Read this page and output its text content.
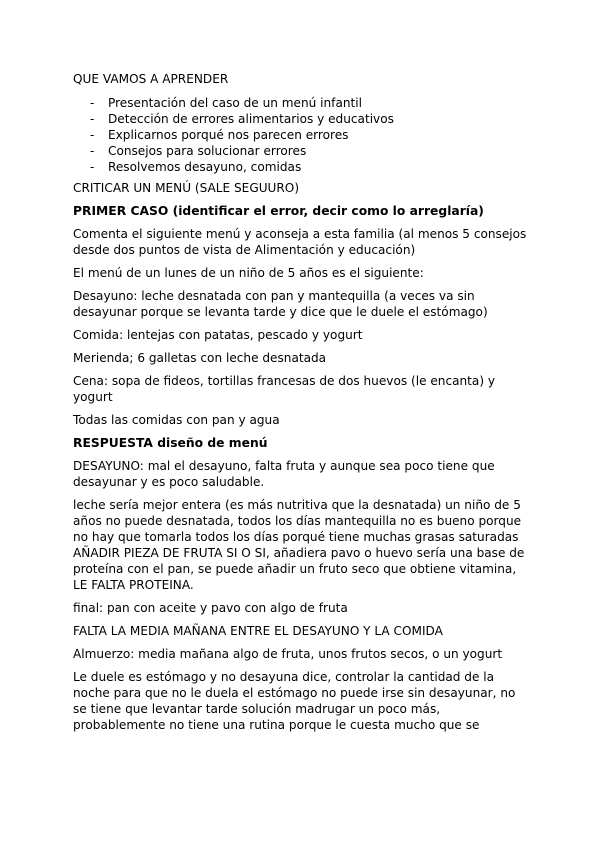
QUE VAMOS A APRENDER

- Presentación del caso de un menú infantil
- Detección de errores alimentarios y educativos
- Explicarnos porqué nos parecen errores
- Consejos para solucionar errores
- Resolvemos desayuno, comidas

CRITICAR UN MENÚ (SALE SEGUURO)

PRIMER CASO (identificar el error, decir como lo arreglaría)

Comenta el siguiente menú y aconseja a esta familia (al menos 5 consejos

desde dos puntos de vista de Alimentación y educación)

El menú de un lunes de un niño de 5 años es el siguiente:

Desayuno: leche desnatada con pan y mantequilla (a veces va sin

desayunar porque se levanta tarde y dice que le duele el estómago)

Comida: lentejas con patatas, pescado y yogurt

Merienda; 6 galletas con leche desnatada

Cena: sopa de fideos, tortillas francesas de dos huevos (le encanta) y

yogurt

Todas las comidas con pan y agua

RESPUESTA diseño de menú

DESAYUNO: mal el desayuno, falta fruta y aunque sea poco tiene que

desayunar y es poco saludable.

leche sería mejor entera (es más nutritiva que la desnatada) un niño de 5

años no puede desnatada, todos los días mantequilla no es bueno porque

no hay que tomarla todos los días porqué tiene muchas grasas saturadas

AÑADIR PIEZA DE FRUTA SI O SI, añadiera pavo o huevo sería una base de

proteína con el pan, se puede añadir un fruto seco que obtiene vitamina,

LE FALTA PROTEINA.

final: pan con aceite y pavo con algo de fruta

FALTA LA MEDIA MAÑANA ENTRE EL DESAYUNO Y LA COMIDA

Almuerzo: media mañana algo de fruta, unos frutos secos, o un yogurt

Le duele es estómago y no desayuna dice, controlar la cantidad de la

noche para que no le duela el estómago no puede irse sin desayunar, no

se tiene que levantar tarde solución madrugar un poco más,

probablemente no tiene una rutina porque le cuesta mucho que se
